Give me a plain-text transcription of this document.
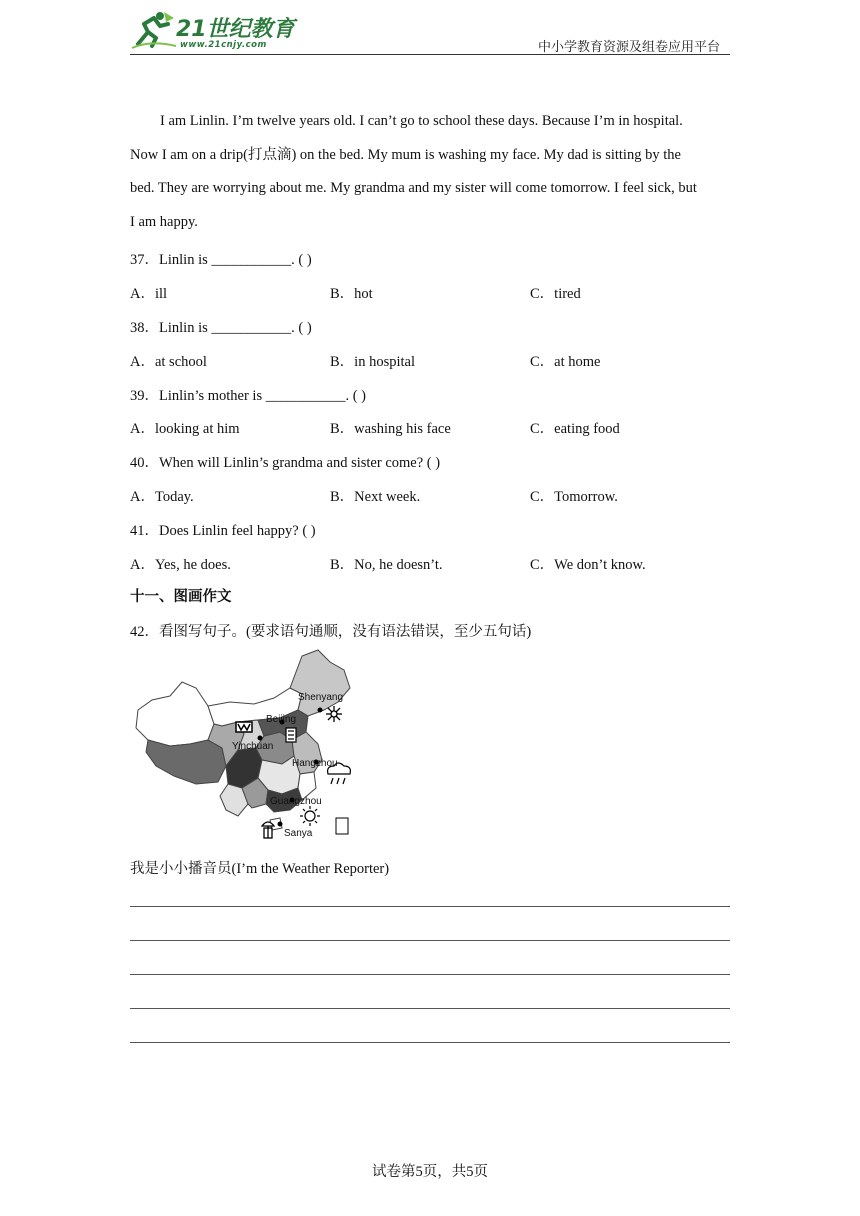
21世纪教育
www.21cnjy.com	中小学教育资源及组卷应用平台
I am Linlin. I’m twelve years old. I can’t go to school these days. Because I’m in hospital.
Now I am on a drip(打点滴) on the bed. My mum is washing my face. My dad is sitting by the
bed. They are worrying about me. My grandma and my sister will come tomorrow. I feel sick, but
I am happy.
37．Linlin is ___________. ( )
A．ill	B．hot	C．tired
38．Linlin is ___________. ( )
A．at school	B．in hospital	C．at home
39．Linlin’s mother is ___________. ( )
A．looking at him	B．washing his face	C．eating food
40．When will Linlin’s grandma and sister come? ( )
A．Today.	B．Next week.	C．Tomorrow.
41．Does Linlin feel happy? ( )
A．Yes, he does.	B．No, he doesn’t.	C．We don’t know.
十一、图画作文
42．看图写句子。(要求语句通顺，没有语法错误，至少五句话)
Shenyang
Beijing
Yinchuan
Hangzhou
Guangzhou
Sanya
我是小小播音员(I’m the Weather Reporter)
试卷第5页，共5页
